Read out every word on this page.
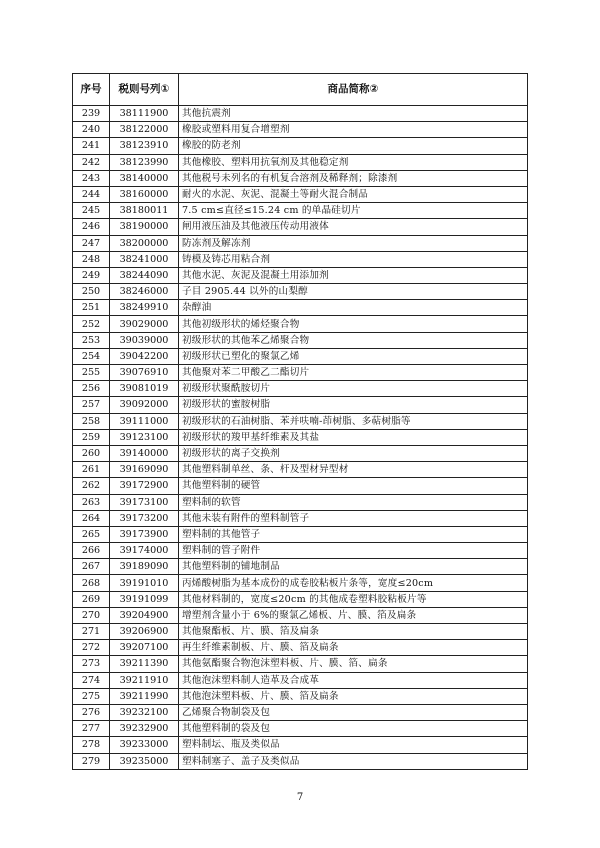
序号	税则号列①	商品简称②
239	38111900	其他抗震剂
240	38122000	橡胶或塑料用复合增塑剂
241	38123910	橡胶的防老剂
242	38123990	其他橡胶、塑料用抗氧剂及其他稳定剂
243	38140000	其他税号未列名的有机复合溶剂及稀释剂；除漆剂
244	38160000	耐火的水泥、灰泥、混凝土等耐火混合制品
245	38180011	7.5 cm≤直径≤15.24 cm 的单晶硅切片
246	38190000	闸用液压油及其他液压传动用液体
247	38200000	防冻剂及解冻剂
248	38241000	铸模及铸芯用粘合剂
249	38244090	其他水泥、灰泥及混凝土用添加剂
250	38246000	子目 2905.44 以外的山梨醇
251	38249910	杂醇油
252	39029000	其他初级形状的烯烃聚合物
253	39039000	初级形状的其他苯乙烯聚合物
254	39042200	初级形状已塑化的聚氯乙烯
255	39076910	其他聚对苯二甲酸乙二酯切片
256	39081019	初级形状聚酰胺切片
257	39092000	初级形状的蜜胺树脂
258	39111000	初级形状的石油树脂、苯并呋喃-茚树脂、多萜树脂等
259	39123100	初级形状的羧甲基纤维素及其盐
260	39140000	初级形状的离子交换剂
261	39169090	其他塑料制单丝、条、杆及型材异型材
262	39172900	其他塑料制的硬管
263	39173100	塑料制的软管
264	39173200	其他未装有附件的塑料制管子
265	39173900	塑料制的其他管子
266	39174000	塑料制的管子附件
267	39189090	其他塑料制的铺地制品
268	39191010	丙烯酸树脂为基本成份的成卷胶粘板片条等，宽度≤20cm
269	39191099	其他材料制的，宽度≤20cm 的其他成卷塑料胶粘板片等
270	39204900	增塑剂含量小于 6%的聚氯乙烯板、片、膜、箔及扁条
271	39206900	其他聚酯板、片、膜、箔及扁条
272	39207100	再生纤维素制板、片、膜、箔及扁条
273	39211390	其他氨酯聚合物泡沫塑料板、片、膜、箔、扁条
274	39211910	其他泡沫塑料制人造革及合成革
275	39211990	其他泡沫塑料板、片、膜、箔及扁条
276	39232100	乙烯聚合物制袋及包
277	39232900	其他塑料制的袋及包
278	39233000	塑料制坛、瓶及类似品
279	39235000	塑料制塞子、盖子及类似品
7
